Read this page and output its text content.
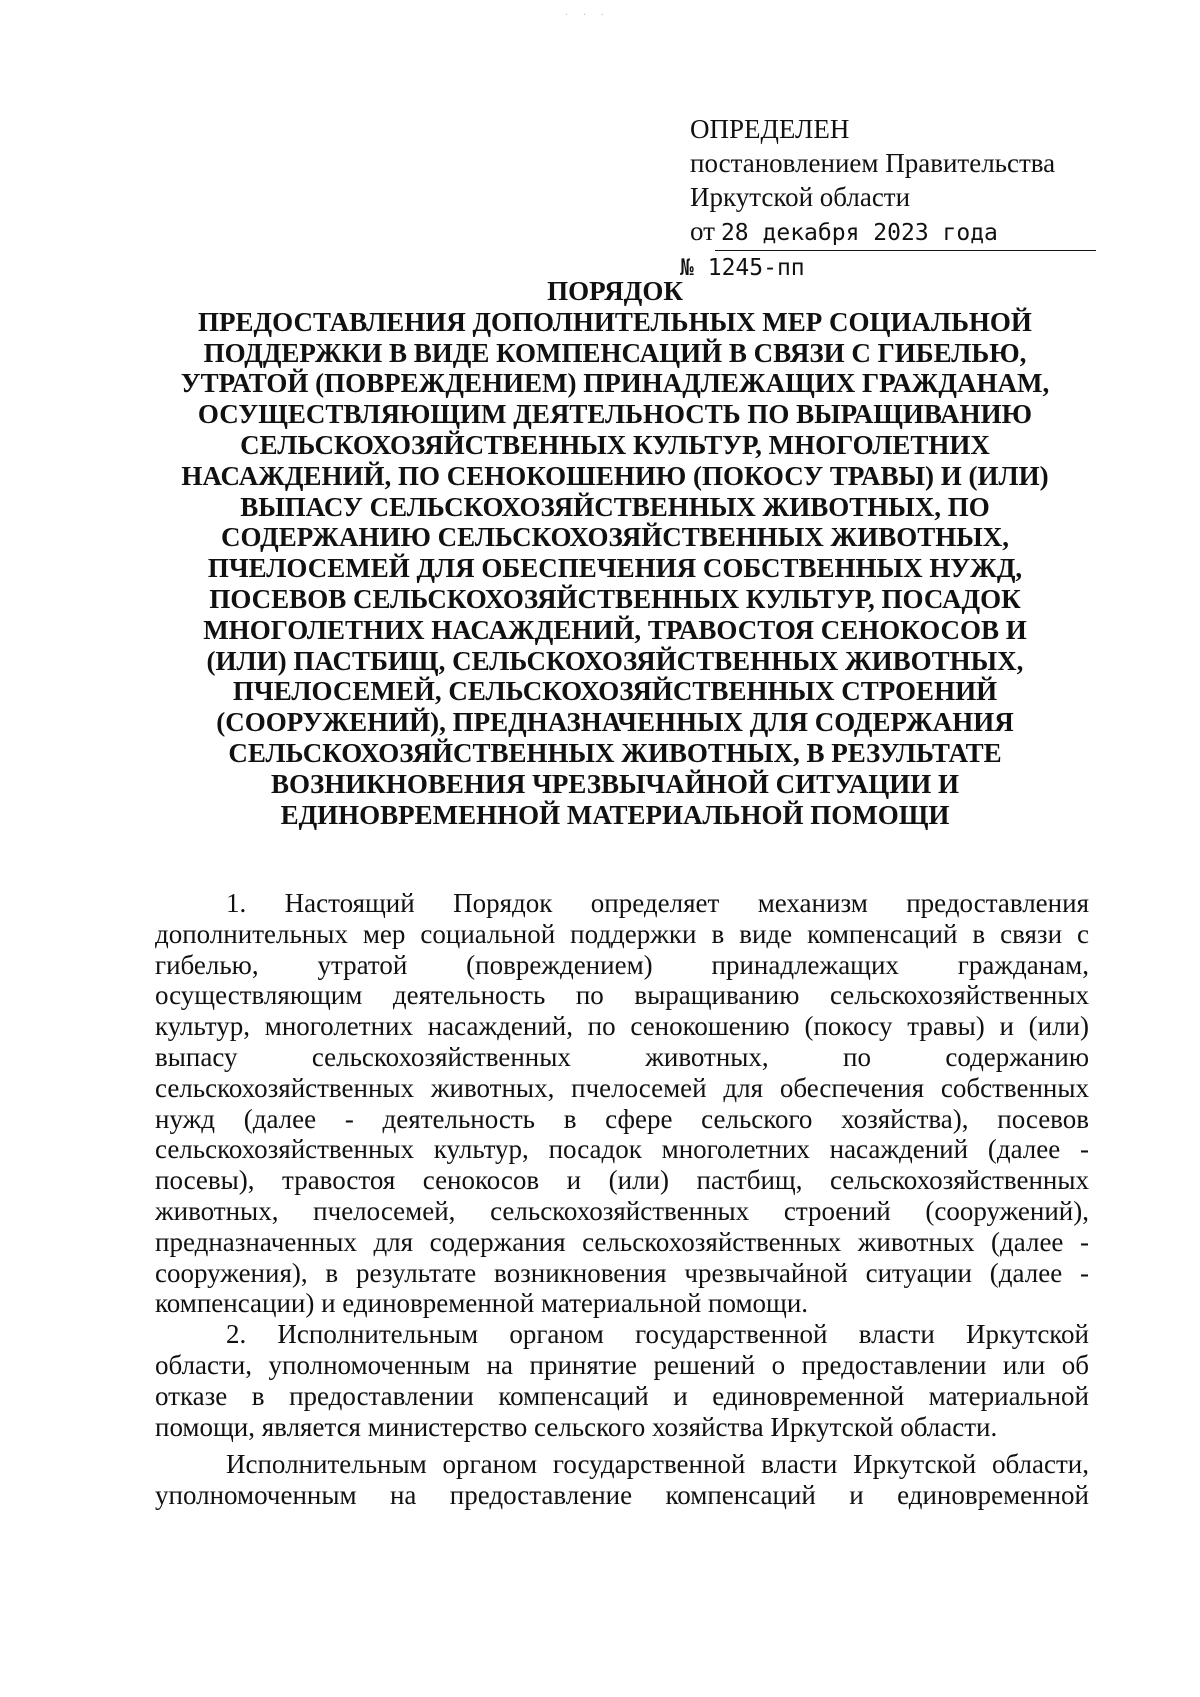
· · ·
ОПРЕДЕЛЕН
постановлением Правительства
Иркутской области
от 28 декабря 2023 года
№ 1245-пп
ПОРЯДОК
ПРЕДОСТАВЛЕНИЯ ДОПОЛНИТЕЛЬНЫХ МЕР СОЦИАЛЬНОЙ
ПОДДЕРЖКИ В ВИДЕ КОМПЕНСАЦИЙ В СВЯЗИ С ГИБЕЛЬЮ,
УТРАТОЙ (ПОВРЕЖДЕНИЕМ) ПРИНАДЛЕЖАЩИХ ГРАЖДАНАМ,
ОСУЩЕСТВЛЯЮЩИМ ДЕЯТЕЛЬНОСТЬ ПО ВЫРАЩИВАНИЮ
СЕЛЬСКОХОЗЯЙСТВЕННЫХ КУЛЬТУР, МНОГОЛЕТНИХ
НАСАЖДЕНИЙ, ПО СЕНОКОШЕНИЮ (ПОКОСУ ТРАВЫ) И (ИЛИ)
ВЫПАСУ СЕЛЬСКОХОЗЯЙСТВЕННЫХ ЖИВОТНЫХ, ПО
СОДЕРЖАНИЮ СЕЛЬСКОХОЗЯЙСТВЕННЫХ ЖИВОТНЫХ,
ПЧЕЛОСЕМЕЙ ДЛЯ ОБЕСПЕЧЕНИЯ СОБСТВЕННЫХ НУЖД,
ПОСЕВОВ СЕЛЬСКОХОЗЯЙСТВЕННЫХ КУЛЬТУР, ПОСАДОК
МНОГОЛЕТНИХ НАСАЖДЕНИЙ, ТРАВОСТОЯ СЕНОКОСОВ И
(ИЛИ) ПАСТБИЩ, СЕЛЬСКОХОЗЯЙСТВЕННЫХ ЖИВОТНЫХ,
ПЧЕЛОСЕМЕЙ, СЕЛЬСКОХОЗЯЙСТВЕННЫХ СТРОЕНИЙ
(СООРУЖЕНИЙ), ПРЕДНАЗНАЧЕННЫХ ДЛЯ СОДЕРЖАНИЯ
СЕЛЬСКОХОЗЯЙСТВЕННЫХ ЖИВОТНЫХ, В РЕЗУЛЬТАТЕ
ВОЗНИКНОВЕНИЯ ЧРЕЗВЫЧАЙНОЙ СИТУАЦИИ И
ЕДИНОВРЕМЕННОЙ МАТЕРИАЛЬНОЙ ПОМОЩИ
1. Настоящий Порядок определяет механизм предоставления
дополнительных мер социальной поддержки в виде компенсаций в связи с
гибелью, утратой (повреждением) принадлежащих гражданам,
осуществляющим деятельность по выращиванию сельскохозяйственных
культур, многолетних насаждений, по сенокошению (покосу травы) и (или)
выпасу сельскохозяйственных животных, по содержанию
сельскохозяйственных животных, пчелосемей для обеспечения собственных
нужд (далее - деятельность в сфере сельского хозяйства), посевов
сельскохозяйственных культур, посадок многолетних насаждений (далее -
посевы), травостоя сенокосов и (или) пастбищ, сельскохозяйственных
животных, пчелосемей, сельскохозяйственных строений (сооружений),
предназначенных для содержания сельскохозяйственных животных (далее -
сооружения), в результате возникновения чрезвычайной ситуации (далее -
компенсации) и единовременной материальной помощи.
2. Исполнительным органом государственной власти Иркутской
области, уполномоченным на принятие решений о предоставлении или об
отказе в предоставлении компенсаций и единовременной материальной
помощи, является министерство сельского хозяйства Иркутской области.
Исполнительным органом государственной власти Иркутской области,
уполномоченным на предоставление компенсаций и единовременной
